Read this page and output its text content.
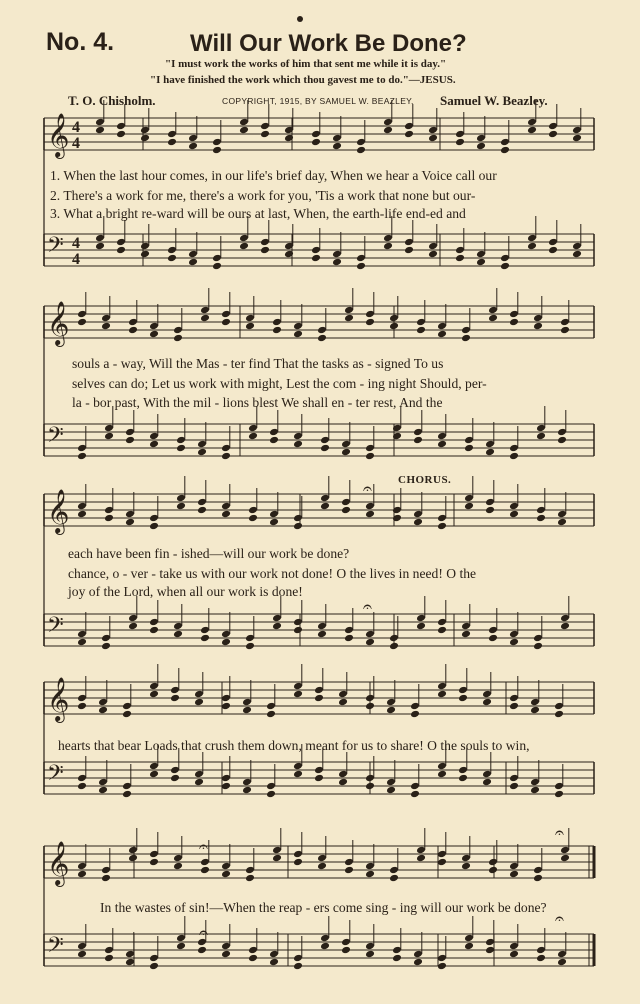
No. 4.	Will Our Work Be Done?
"I must work the works of him that sent me while it is day."
"I have finished the work which thou gavest me to do."—JESUS.
T. O. Chisholm.	COPYRIGHT, 1915, BY SAMUEL W. BEAZLEY. Samuel W. Beazley.
CHORUS.
1. When the last hour comes, in our life's brief day, When we hear a Voice call our
2. There's a work for me, there's a work for you, 'Tis a work that none but our-
3. What a bright re-ward will be ours at last, When, the earth-life end-ed and
souls a - way, Will the Mas - ter find That the tasks as - signed To us
selves can do; Let us work with might, Lest the com - ing night Should, per-
la - bor past, With the mil - lions blest We shall en - ter rest, And the
each have been fin - ished—will our work be done?
chance, o - ver - take us with our work not done! O the lives in need! O the
joy of the Lord, when all our work is done!
hearts that bear Loads that crush them down, meant for us to share! O the souls to win,
In the wastes of sin!—When the reap - ers come sing - ing will our work be done?
𝄞 4
4
𝄢 4
4
𝄞
𝄢
𝄞
𝄢
𝄞
𝄢
𝄞
𝄢
𝄐
𝄐
𝄐
𝄐
𝄐
𝄐
